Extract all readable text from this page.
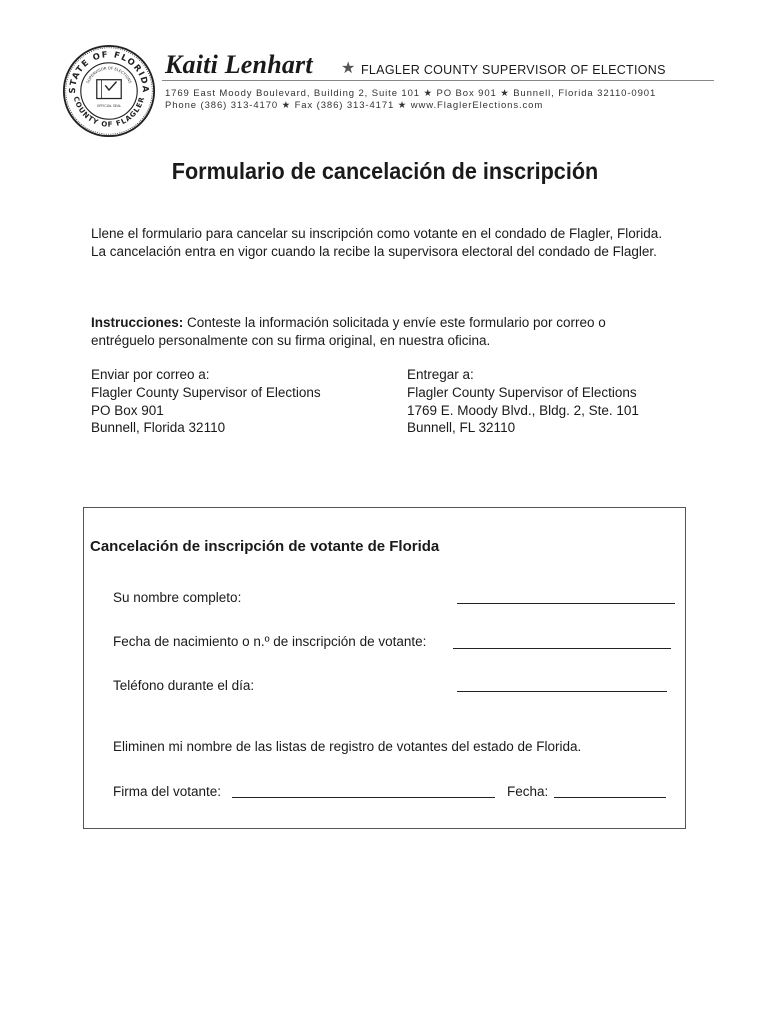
STATE OF FLORIDA
COUNTY OF FLAGLER
SUPERVISOR OF ELECTIONS
OFFICIAL SEAL
Kaiti Lenhart ★ FLAGLER COUNTY SUPERVISOR OF ELECTIONS
1769 East Moody Boulevard, Building 2, Suite 101 ★ PO Box 901 ★ Bunnell, Florida 32110-0901
Phone (386) 313-4170 ★ Fax (386) 313-4171 ★ www.FlaglerElections.com
Formulario de cancelación de inscripción
Llene el formulario para cancelar su inscripción como votante en el condado de Flagler, Florida. La cancelación entra en vigor cuando la recibe la supervisora electoral del condado de Flagler.
Instrucciones: Conteste la información solicitada y envíe este formulario por correo o entréguelo personalmente con su firma original, en nuestra oficina.
Enviar por correo a:
Flagler County Supervisor of Elections
PO Box 901
Bunnell, Florida 32110
Entregar a:
Flagler County Supervisor of Elections
1769 E. Moody Blvd., Bldg. 2, Ste. 101
Bunnell, FL 32110
Cancelación de inscripción de votante de Florida
Su nombre completo:
Fecha de nacimiento o n.º de inscripción de votante:
Teléfono durante el día:
Eliminen mi nombre de las listas de registro de votantes del estado de Florida.
Firma del votante:	Fecha:
